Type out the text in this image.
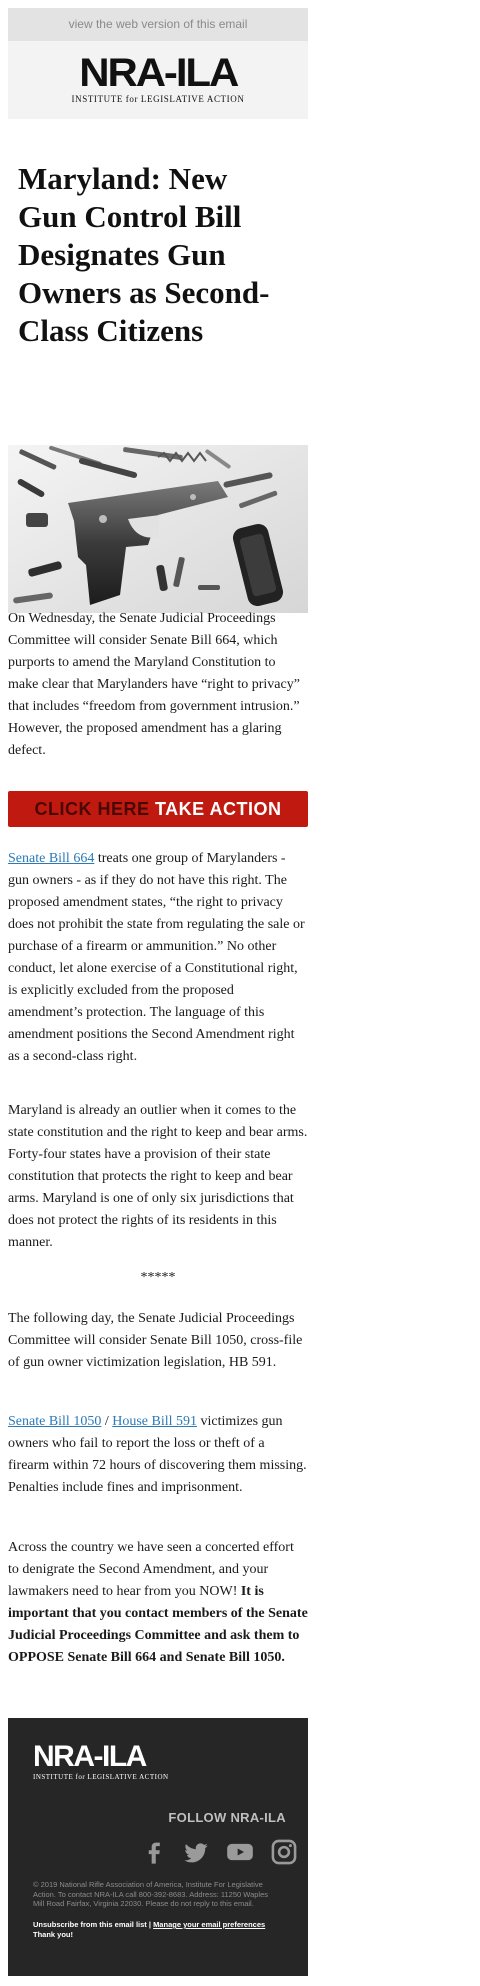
view the web version of this email
NRA-ILA
INSTITUTE for LEGISLATIVE ACTION
Maryland: New Gun Control Bill Designates Gun Owners as Second-Class Citizens

On Wednesday, the Senate Judicial Proceedings Committee will consider Senate Bill 664, which purports to amend the Maryland Constitution to make clear that Marylanders have “right to privacy” that includes “freedom from government intrusion.” However, the proposed amendment has a glaring defect.

CLICK HERE TAKE ACTION

Senate Bill 664 treats one group of Marylanders - gun owners - as if they do not have this right. The proposed amendment states, “the right to privacy does not prohibit the state from regulating the sale or purchase of a firearm or ammunition.” No other conduct, let alone exercise of a Constitutional right, is explicitly excluded from the proposed amendment’s protection. The language of this amendment positions the Second Amendment right as a second-class right.

Maryland is already an outlier when it comes to the state constitution and the right to keep and bear arms. Forty-four states have a provision of their state constitution that protects the right to keep and bear arms. Maryland is one of only six jurisdictions that does not protect the rights of its residents in this manner.

*****

The following day, the Senate Judicial Proceedings Committee will consider Senate Bill 1050, cross-file of gun owner victimization legislation, HB 591.

Senate Bill 1050 / House Bill 591 victimizes gun owners who fail to report the loss or theft of a firearm within 72 hours of discovering them missing. Penalties include fines and imprisonment.

Across the country we have seen a concerted effort to denigrate the Second Amendment, and your lawmakers need to hear from you NOW! It is important that you contact members of the Senate Judicial Proceedings Committee and ask them to OPPOSE Senate Bill 664 and Senate Bill 1050.

NRA-ILA
INSTITUTE for LEGISLATIVE ACTION
FOLLOW NRA-ILA
© 2019 National Rifle Association of America, Institute For Legislative Action. To contact NRA-ILA call 800-392-8683. Address: 11250 Waples Mill Road Fairfax, Virginia 22030. Please do not reply to this email.
Unsubscribe from this email list | Manage your email preferences
Thank you!
